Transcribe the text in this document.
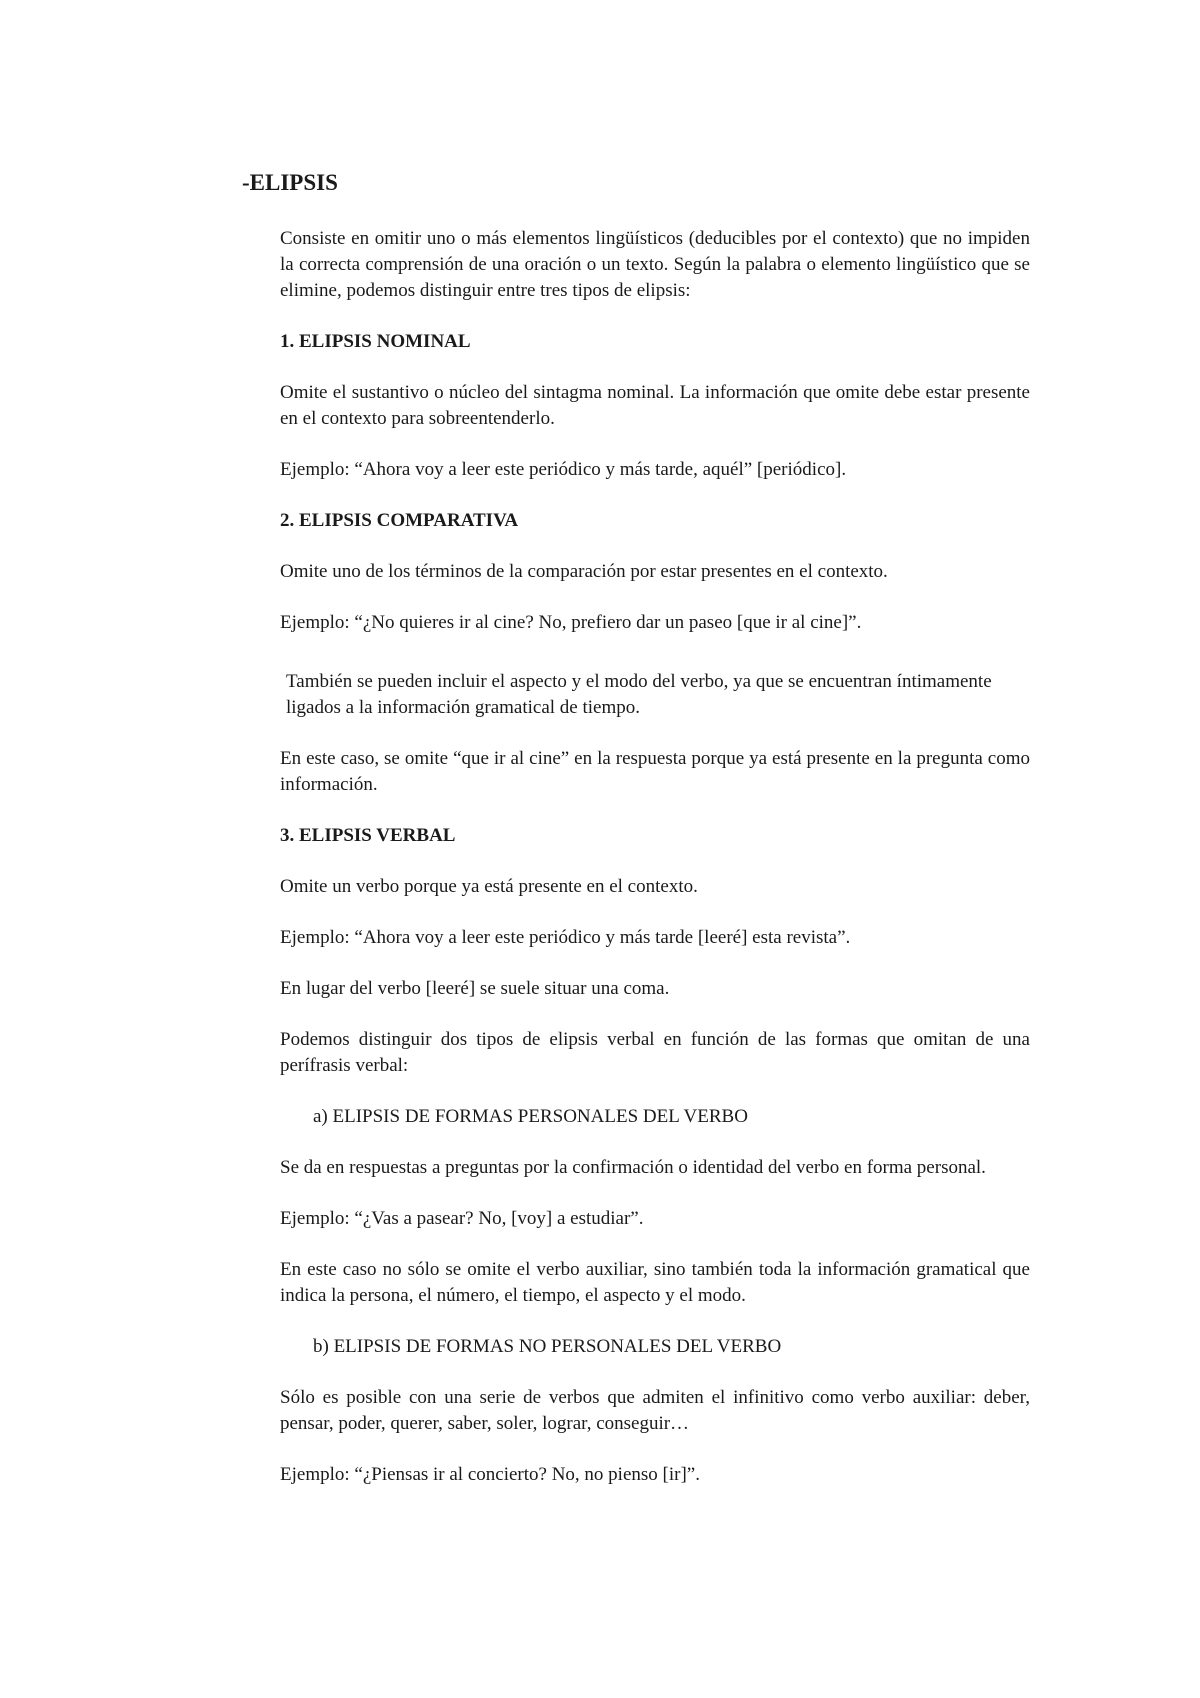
-ELIPSIS

Consiste en omitir uno o más elementos lingüísticos (deducibles por el contexto) que no impiden la correcta comprensión de una oración o un texto. Según la palabra o elemento lingüístico que se elimine, podemos distinguir entre tres tipos de elipsis:

1. ELIPSIS NOMINAL

Omite el sustantivo o núcleo del sintagma nominal. La información que omite debe estar presente en el contexto para sobreentenderlo.

Ejemplo: “Ahora voy a leer este periódico y más tarde, aquél” [periódico].

2. ELIPSIS COMPARATIVA

Omite uno de los términos de la comparación por estar presentes en el contexto.

Ejemplo: “¿No quieres ir al cine? No, prefiero dar un paseo [que ir al cine]”.

También se pueden incluir el aspecto y el modo del verbo, ya que se encuentran íntimamente ligados a la información gramatical de tiempo.

En este caso, se omite “que ir al cine” en la respuesta porque ya está presente en la pregunta como información.

3. ELIPSIS VERBAL

Omite un verbo porque ya está presente en el contexto.

Ejemplo: “Ahora voy a leer este periódico y más tarde [leeré] esta revista”.

En lugar del verbo [leeré] se suele situar una coma.

Podemos distinguir dos tipos de elipsis verbal en función de las formas que omitan de una perífrasis verbal:

a) ELIPSIS DE FORMAS PERSONALES DEL VERBO

Se da en respuestas a preguntas por la confirmación o identidad del verbo en forma personal.

Ejemplo: “¿Vas a pasear? No, [voy] a estudiar”.

En este caso no sólo se omite el verbo auxiliar, sino también toda la información gramatical que indica la persona, el número, el tiempo, el aspecto y el modo.

b) ELIPSIS DE FORMAS NO PERSONALES DEL VERBO

Sólo es posible con una serie de verbos que admiten el infinitivo como verbo auxiliar: deber, pensar, poder, querer, saber, soler, lograr, conseguir…

Ejemplo: “¿Piensas ir al concierto? No, no pienso [ir]”.
